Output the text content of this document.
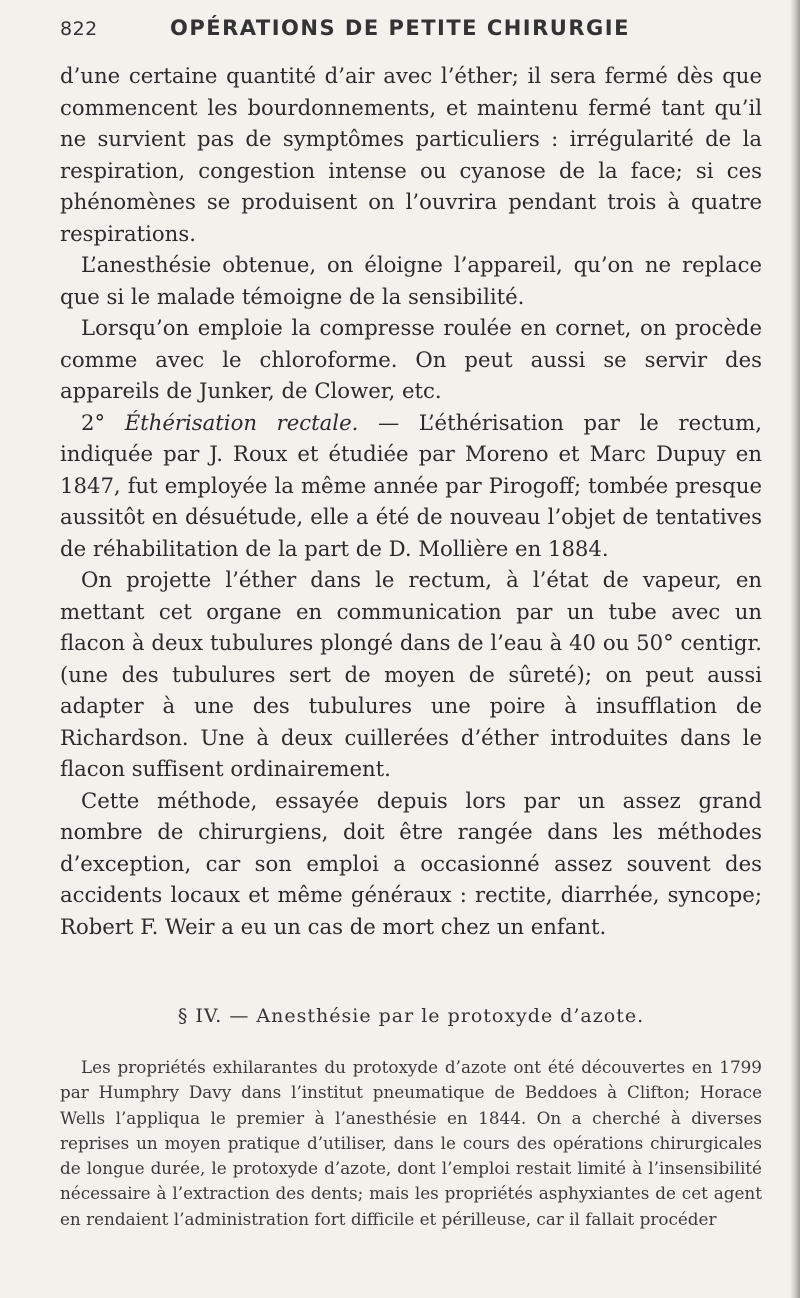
822	OPÉRATIONS DE PETITE CHIRURGIE

d’une certaine quantité d’air avec l’éther; il sera fermé dès que commencent les bourdonnements, et maintenu fermé tant qu’il ne survient pas de symptômes particuliers : irrégularité de la respiration, congestion intense ou cyanose de la face; si ces phénomènes se produisent on l’ouvrira pendant trois à quatre respirations.

L’anesthésie obtenue, on éloigne l’appareil, qu’on ne replace que si le malade témoigne de la sensibilité.

Lorsqu’on emploie la compresse roulée en cornet, on procède comme avec le chloroforme. On peut aussi se servir des appareils de Junker, de Clower, etc.

2° Éthérisation rectale. — L’éthérisation par le rectum, indiquée par J. Roux et étudiée par Moreno et Marc Dupuy en 1847, fut employée la même année par Pirogoff; tombée presque aussitôt en désuétude, elle a été de nouveau l’objet de tentatives de réhabilitation de la part de D. Mollière en 1884.

On projette l’éther dans le rectum, à l’état de vapeur, en mettant cet organe en communication par un tube avec un flacon à deux tubulures plongé dans de l’eau à 40 ou 50° centigr. (une des tubulures sert de moyen de sûreté); on peut aussi adapter à une des tubulures une poire à insufflation de Richardson. Une à deux cuillerées d’éther introduites dans le flacon suffisent ordinairement.

Cette méthode, essayée depuis lors par un assez grand nombre de chirurgiens, doit être rangée dans les méthodes d’exception, car son emploi a occasionné assez souvent des accidents locaux et même généraux : rectite, diarrhée, syncope; Robert F. Weir a eu un cas de mort chez un enfant.

§ IV. — Anesthésie par le protoxyde d’azote.

Les propriétés exhilarantes du protoxyde d’azote ont été découvertes en 1799 par Humphry Davy dans l’institut pneumatique de Beddoes à Clifton; Horace Wells l’appliqua le premier à l’anesthésie en 1844. On a cherché à diverses reprises un moyen pratique d’utiliser, dans le cours des opérations chirurgicales de longue durée, le protoxyde d’azote, dont l’emploi restait limité à l’insensibilité nécessaire à l’extraction des dents; mais les propriétés asphyxiantes de cet agent en rendaient l’administration fort difficile et périlleuse, car il fallait procéder
